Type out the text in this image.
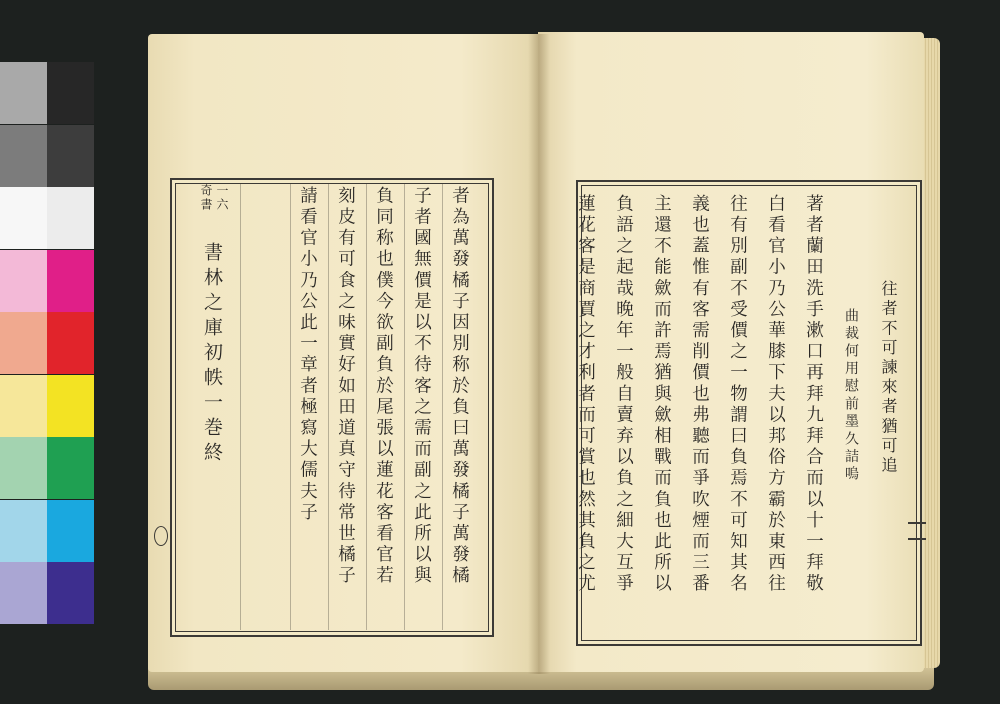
者為萬發橘子因別称於負曰萬發橘子萬發橘
子者國無價是以不待客之需而副之此所以與
負同称也僕今欲副負於尾張以蓮花客看官若
刻皮有可食之味實好如田道真守待常世橘子
請看官小乃公此一章者極寫大儒夫子
一六
奇書
書林之庫初帙一巻終	往者不可諫來者猶可追
曲裁何用慰前墨久詰嗚
著者蘭田洗手漱口再拜九拜合而以十一拜敬
白看官小乃公華膝下夫以邦俗方霸於東西往
往有別副不受價之一物謂曰負焉不可知其名
義也蓋惟有客需削價也弗聽而爭吹煙而三番
主還不能歛而許焉猶與歛相戰而負也此所以
負語之起哉晚年一般自賣弃以負之細大互爭
蓮花客是商賈之才利者而可賞也然其負之尤
